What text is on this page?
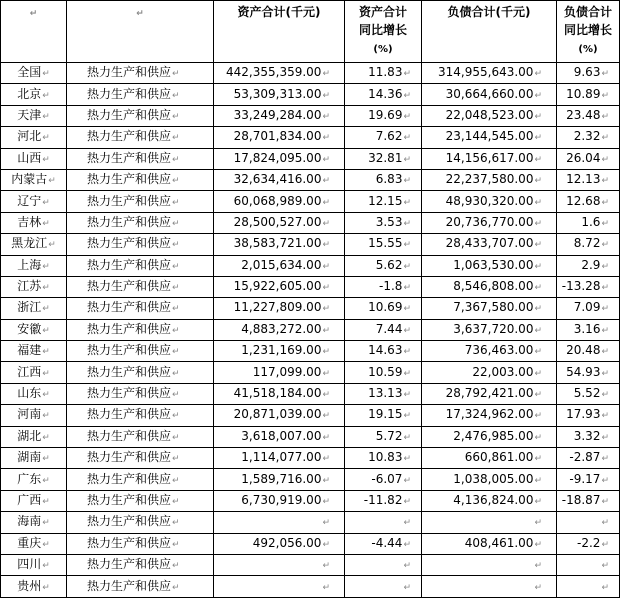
↵	↵	资产合计(千元)	资产合计
同比增长
(%)	负债合计(千元)	负债合计
同比增长
(%)
全国↵	热力生产和供应↵	442,355,359.00↵	11.83↵	314,955,643.00↵	9.63↵
北京↵	热力生产和供应↵	53,309,313.00↵	14.36↵	30,664,660.00↵	10.89↵
天津↵	热力生产和供应↵	33,249,284.00↵	19.69↵	22,048,523.00↵	23.48↵
河北↵	热力生产和供应↵	28,701,834.00↵	7.62↵	23,144,545.00↵	2.32↵
山西↵	热力生产和供应↵	17,824,095.00↵	32.81↵	14,156,617.00↵	26.04↵
内蒙古↵	热力生产和供应↵	32,634,416.00↵	6.83↵	22,237,580.00↵	12.13↵
辽宁↵	热力生产和供应↵	60,068,989.00↵	12.15↵	48,930,320.00↵	12.68↵
吉林↵	热力生产和供应↵	28,500,527.00↵	3.53↵	20,736,770.00↵	1.6↵
黑龙江↵	热力生产和供应↵	38,583,721.00↵	15.55↵	28,433,707.00↵	8.72↵
上海↵	热力生产和供应↵	2,015,634.00↵	5.62↵	1,063,530.00↵	2.9↵
江苏↵	热力生产和供应↵	15,922,605.00↵	-1.8↵	8,546,808.00↵	-13.28↵
浙江↵	热力生产和供应↵	11,227,809.00↵	10.69↵	7,367,580.00↵	7.09↵
安徽↵	热力生产和供应↵	4,883,272.00↵	7.44↵	3,637,720.00↵	3.16↵
福建↵	热力生产和供应↵	1,231,169.00↵	14.63↵	736,463.00↵	20.48↵
江西↵	热力生产和供应↵	117,099.00↵	10.59↵	22,003.00↵	54.93↵
山东↵	热力生产和供应↵	41,518,184.00↵	13.13↵	28,792,421.00↵	5.52↵
河南↵	热力生产和供应↵	20,871,039.00↵	19.15↵	17,324,962.00↵	17.93↵
湖北↵	热力生产和供应↵	3,618,007.00↵	5.72↵	2,476,985.00↵	3.32↵
湖南↵	热力生产和供应↵	1,114,077.00↵	10.83↵	660,861.00↵	-2.87↵
广东↵	热力生产和供应↵	1,589,716.00↵	-6.07↵	1,038,005.00↵	-9.17↵
广西↵	热力生产和供应↵	6,730,919.00↵	-11.82↵	4,136,824.00↵	-18.87↵
海南↵	热力生产和供应↵	↵	↵	↵	↵
重庆↵	热力生产和供应↵	492,056.00↵	-4.44↵	408,461.00↵	-2.2↵
四川↵	热力生产和供应↵	↵	↵	↵	↵
贵州↵	热力生产和供应↵	↵	↵	↵	↵
